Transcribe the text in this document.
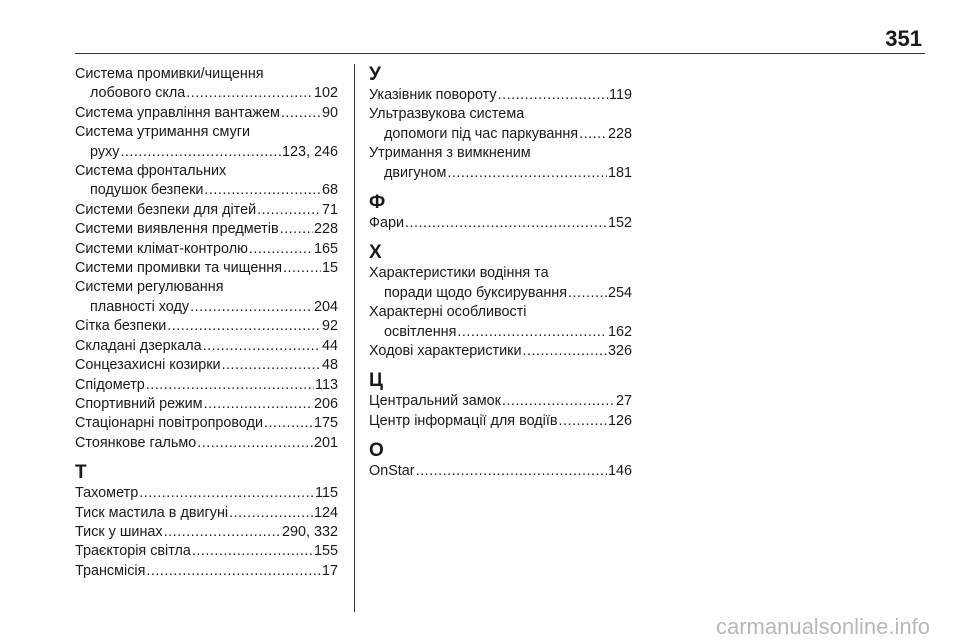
351
Система промивки/чищення
лобового скла .....	102
Система управління вантажем .....	90
Система утримання смуги
руху .....	123, 246
Система фронтальних
подушок безпеки .....	68
Системи безпеки для дітей .....	71
Системи виявлення предметів ..... 228
Системи клімат-контролю .....	165
Системи промивки та чищення .....	15
Системи регулювання
плавності ходу .....	204
Сітка безпеки .....	92
Складані дзеркала .....	44
Сонцезахисні козирки .....	48
Спідометр .....	113
Спортивний режим .....	206
Стаціонарні повітропроводи .....	175
Стоянкове гальмо .....	201
Т
Тахометр .....	115
Тиск мастила в двигуні .....	124
Тиск у шинах .....	290, 332
Траєкторія світла .....	155
Трансмісія .....	17
У
Указівник повороту .....	119
Ультразвукова система
допомоги під час паркування ..... 228
Утримання з вимкненим
двигуном .....	181
Ф
Фари .....	152
Х
Характеристики водіння та
поради щодо буксирування .....	254
Характерні особливості
освітлення .....	162
Ходові характеристики .....	326
Ц
Центральний замок .....	27
Центр інформації для водіїв .....	126
O
OnStar .....	146
carmanualsonline.info
